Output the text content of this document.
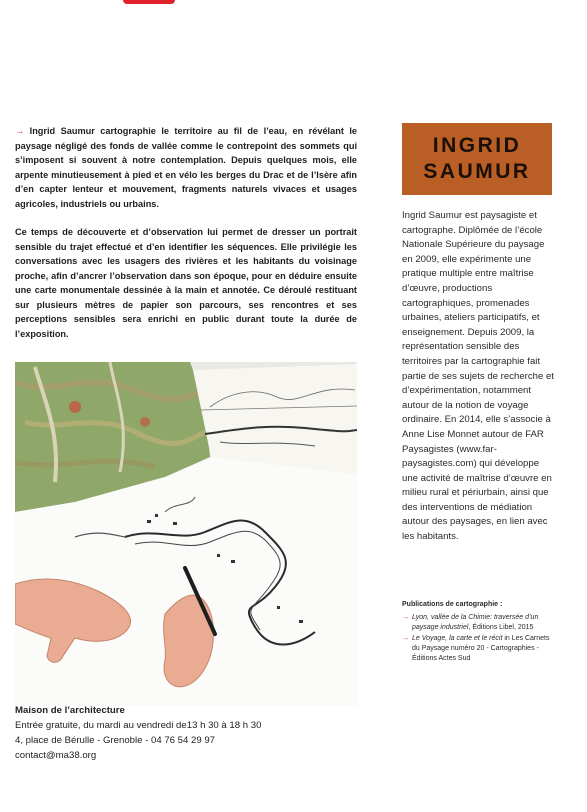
→ Ingrid Saumur cartographie le territoire au fil de l’eau, en révélant le paysage négligé des fonds de vallée comme le contrepoint des sommets qui s’imposent si souvent à notre contemplation. Depuis quelques mois, elle arpente minutieusement à pied et en vélo les berges du Drac et de l’Isère afin d’en capter lenteur et mouvement, fragments naturels vivaces et usages agricoles, industriels ou urbains.

Ce temps de découverte et d’observation lui permet de dresser un portrait sensible du trajet effectué et d’en identifier les séquences. Elle privilégie les conversations avec les usagers des rivières et les habitants du voisinage proche, afin d’ancrer l’observation dans son époque, pour en déduire ensuite une carte monumentale dessinée à la main et annotée. Ce déroulé restituant sur plusieurs mètres de papier son parcours, ses rencontres et ses perceptions sensibles sera enrichi en public durant toute la durée de l’exposition.

Maison de l’architecture
Entrée gratuite, du mardi au vendredi de13 h 30 à 18 h 30
4, place de Bérulle - Grenoble - 04 76 54 29 97
contact@ma38.org
INGRID
SAUMUR
Ingrid Saumur est paysagiste et cartographe. Diplômée de l’école Nationale Supérieure du paysage en 2009, elle expérimente une pratique multiple entre maîtrise d’œuvre, productions cartographiques, promenades urbaines, ateliers participatifs, et enseignement. Depuis 2009, la représentation sensible des territoires par la cartographie fait partie de ses sujets de recherche et d’expérimentation, notamment autour de la notion de voyage ordinaire. En 2014, elle s’associe à Anne Lise Monnet autour de FAR Paysagistes (www.far-paysagistes.com) qui développe une activité de maîtrise d’œuvre en milieu rural et périurbain, ainsi que des interventions de médiation autour des paysages, en lien avec les habitants.
Publications de cartographie :
→ Lyon, vallée de la Chimie: traversée d’un paysage industriel, Éditions Libel, 2015
→ Le Voyage, la carte et le récit in Les Carnets du Paysage numéro 20 - Cartographies - Éditions Actes Sud
